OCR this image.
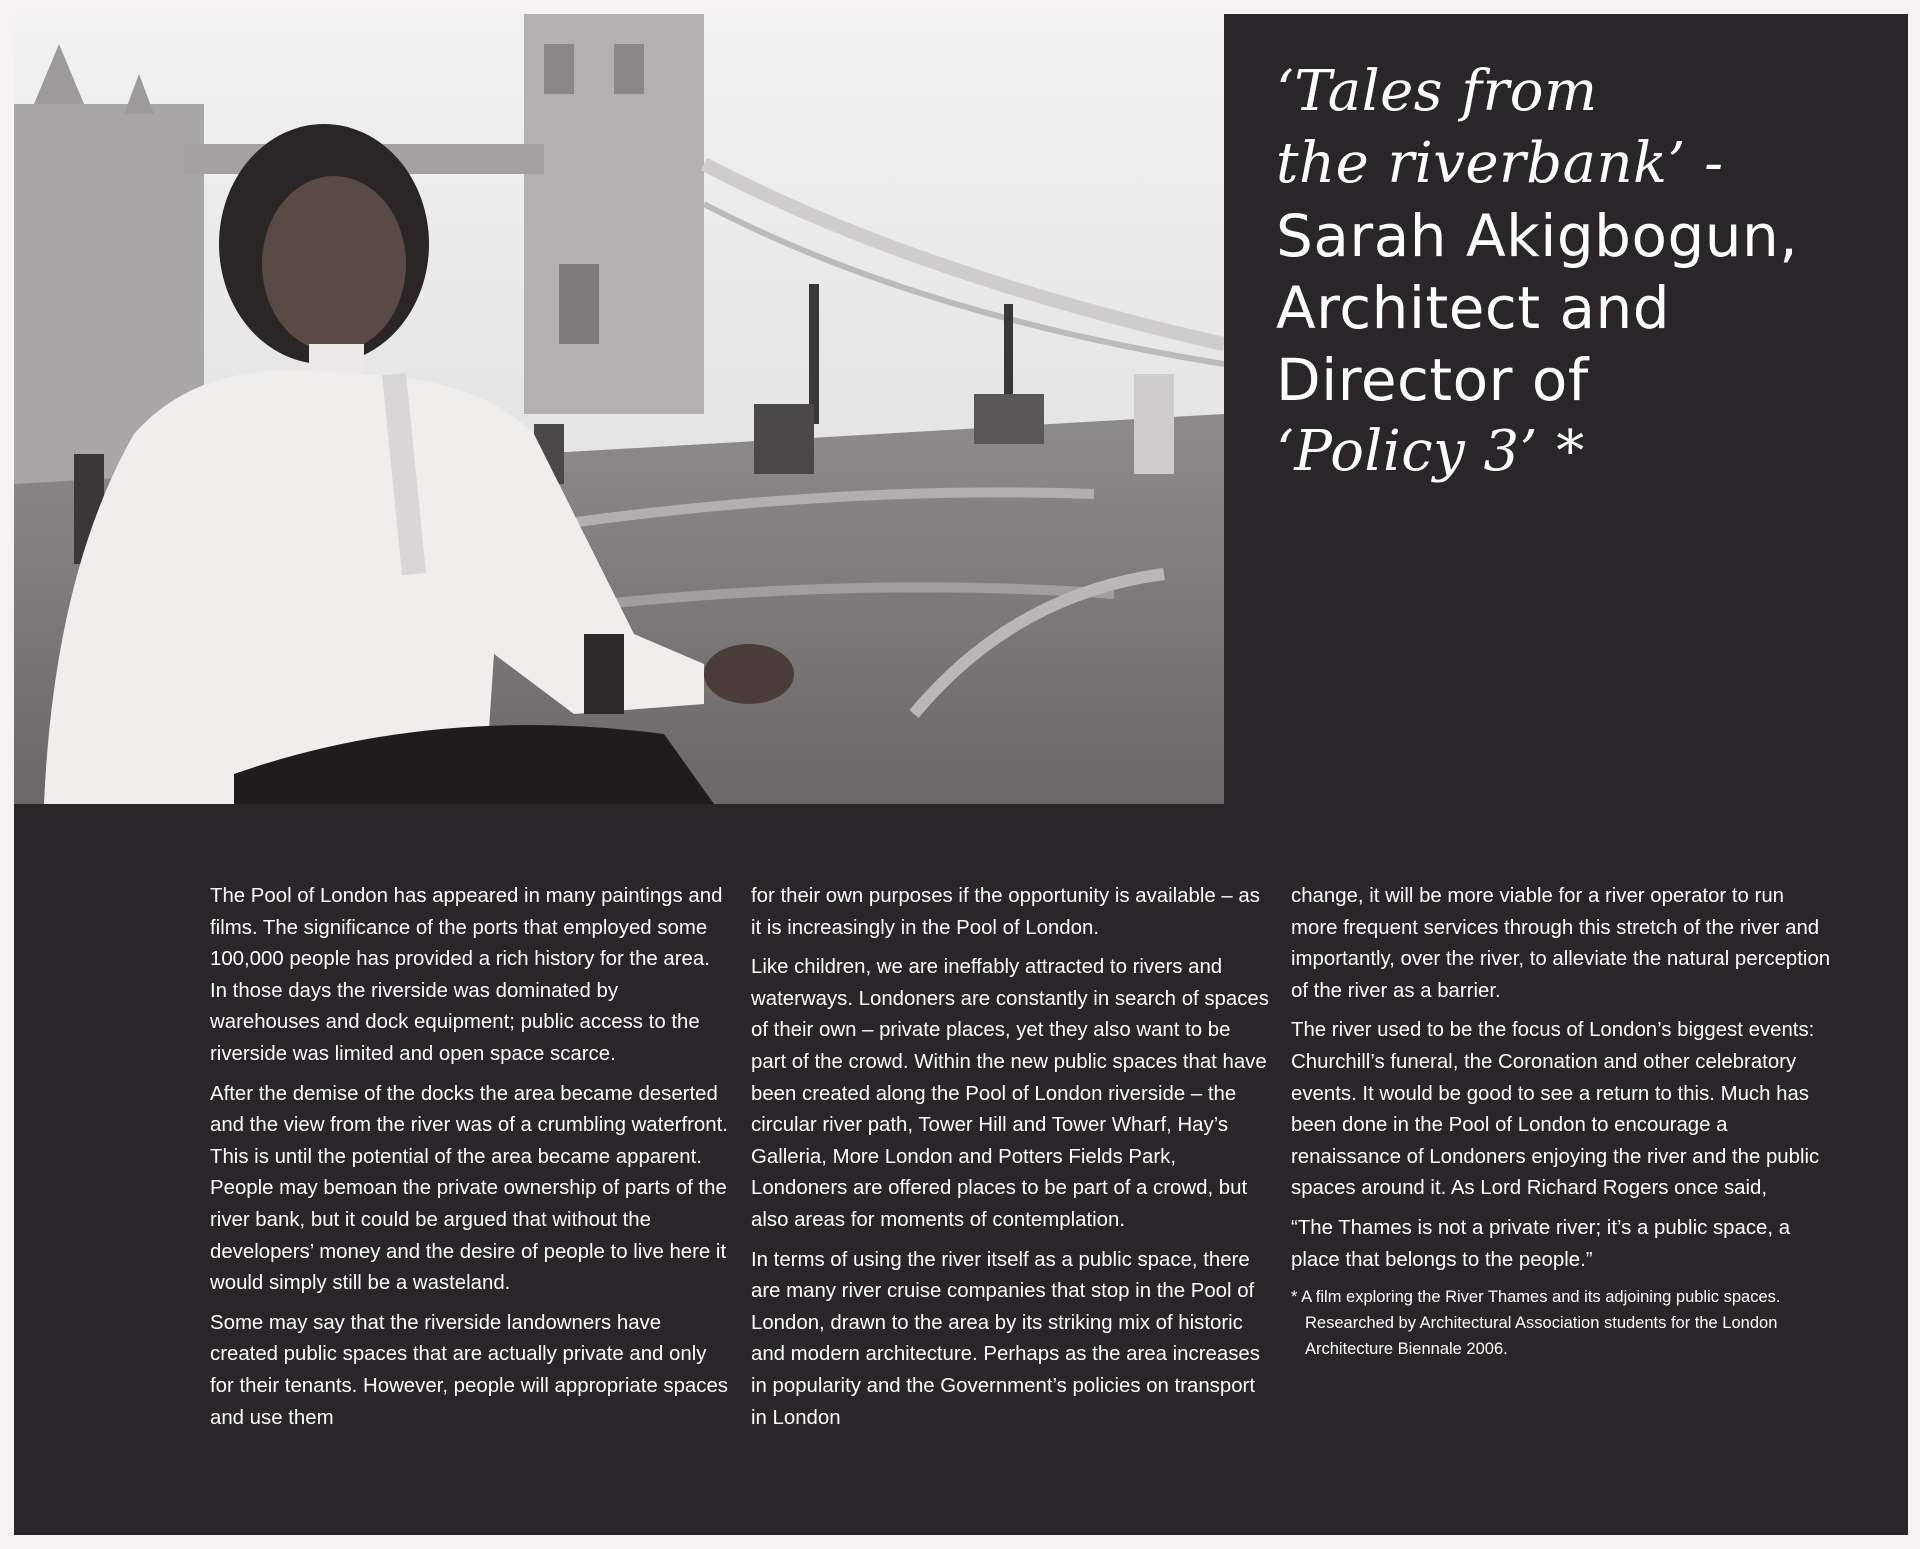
‘Tales from
the riverbank’ -
Sarah Akigbogun,
Architect and
Director of
‘Policy 3’ *

The Pool of London has appeared in many paintings and films. The significance of the ports that employed some 100,000 people has provided a rich history for the area. In those days the riverside was dominated by warehouses and dock equipment; public access to the riverside was limited and open space scarce.

After the demise of the docks the area became deserted and the view from the river was of a crumbling waterfront. This is until the potential of the area became apparent. People may bemoan the private ownership of parts of the river bank, but it could be argued that without the developers’ money and the desire of people to live here it would simply still be a wasteland.

Some may say that the riverside landowners have created public spaces that are actually private and only for their tenants. However, people will appropriate spaces and use them

for their own purposes if the opportunity is available – as it is increasingly in the Pool of London.

Like children, we are ineffably attracted to rivers and waterways. Londoners are constantly in search of spaces of their own – private places, yet they also want to be part of the crowd. Within the new public spaces that have been created along the Pool of London riverside – the circular river path, Tower Hill and Tower Wharf, Hay’s Galleria, More London and Potters Fields Park, Londoners are offered places to be part of a crowd, but also areas for moments of contemplation.

In terms of using the river itself as a public space, there are many river cruise companies that stop in the Pool of London, drawn to the area by its striking mix of historic and modern architecture. Perhaps as the area increases in popularity and the Government’s policies on transport in London

change, it will be more viable for a river operator to run more frequent services through this stretch of the river and importantly, over the river, to alleviate the natural perception of the river as a barrier.

The river used to be the focus of London’s biggest events: Churchill’s funeral, the Coronation and other celebratory events. It would be good to see a return to this. Much has been done in the Pool of London to encourage a renaissance of Londoners enjoying the river and the public spaces around it. As Lord Richard Rogers once said,

“The Thames is not a private river; it’s a public space, a place that belongs to the people.”

* A film exploring the River Thames and its adjoining public spaces. Researched by Architectural Association students for the London Architecture Biennale 2006.
